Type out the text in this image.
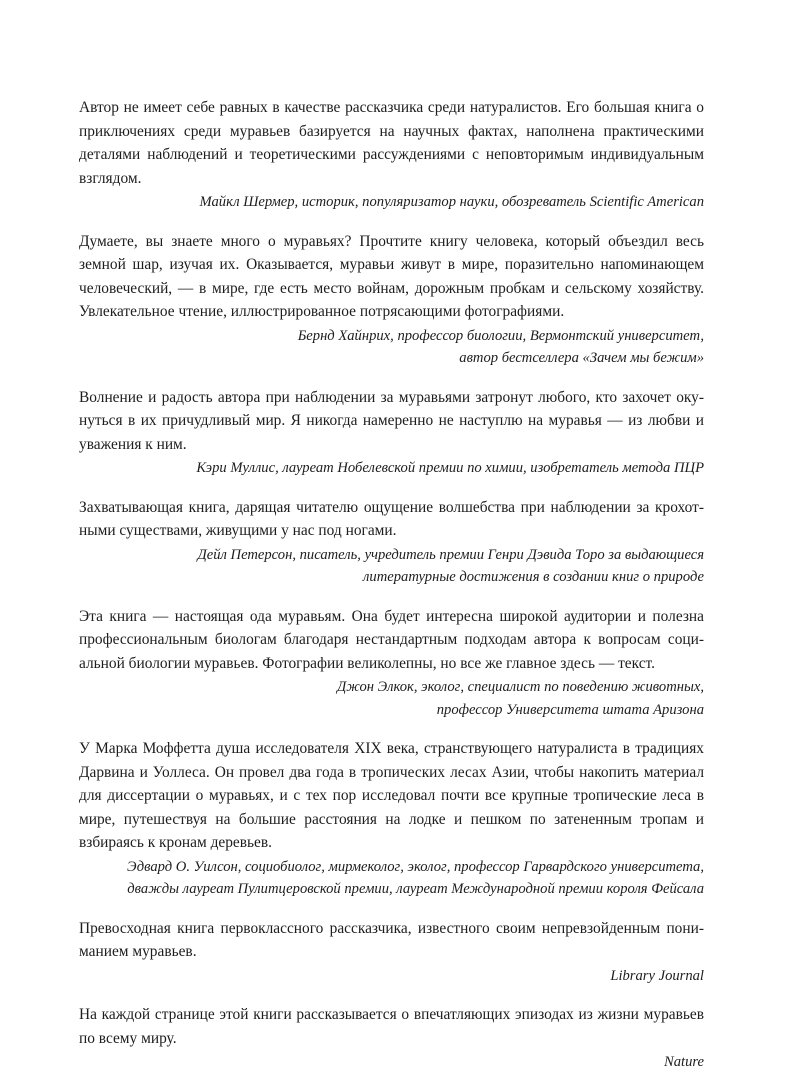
Автор не имеет себе равных в качестве рассказчика среди натуралистов. Его большая книга о приключениях среди муравьев базируется на научных фактах, наполнена практическими деталями наблюдений и теоретическими рассуждениями с неповторимым индивидуальным взглядом.

Майкл Шермер, историк, популяризатор науки, обозреватель Scientific American

Думаете, вы знаете много о муравьях? Прочтите книгу человека, который объездил весь земной шар, изучая их. Оказывается, муравьи живут в мире, поразительно напоминающем человеческий, — в мире, где есть место войнам, дорожным пробкам и сельскому хозяйству. Увлекательное чтение, иллюстрированное потрясающими фотографиями.

Бернд Хайнрих, профессор биологии, Вермонтский университет,
автор бестселлера «Зачем мы бежим»

Волнение и радость автора при наблюдении за муравьями затронут любого, кто захочет окунуться в их причудливый мир. Я никогда намеренно не наступлю на муравья — из любви и уважения к ним.

Кэри Муллис, лауреат Нобелевской премии по химии, изобретатель метода ПЦР

Захватывающая книга, дарящая читателю ощущение волшебства при наблюдении за крохотными существами, живущими у нас под ногами.

Дейл Петерсон, писатель, учредитель премии Генри Дэвида Торо за выдающиеся
литературные достижения в создании книг о природе

Эта книга — настоящая ода муравьям. Она будет интересна широкой аудитории и полезна профессиональным биологам благодаря нестандартным подходам автора к вопросам социальной биологии муравьев. Фотографии великолепны, но все же главное здесь — текст.

Джон Элкок, эколог, специалист по поведению животных,
профессор Университета штата Аризона

У Марка Моффетта душа исследователя XIX века, странствующего натуралиста в традициях Дарвина и Уоллеса. Он провел два года в тропических лесах Азии, чтобы накопить материал для диссертации о муравьях, и с тех пор исследовал почти все крупные тропические леса в мире, путешествуя на большие расстояния на лодке и пешком по затененным тропам и взбираясь к кронам деревьев.

Эдвард О. Уилсон, социобиолог, мирмеколог, эколог, профессор Гарвардского университета,
дважды лауреат Пулитцеровской премии, лауреат Международной премии короля Фейсала

Превосходная книга первоклассного рассказчика, известного своим непревзойденным пониманием муравьев.

Library Journal

На каждой странице этой книги рассказывается о впечатляющих эпизодах из жизни муравьев по всему миру.

Nature
